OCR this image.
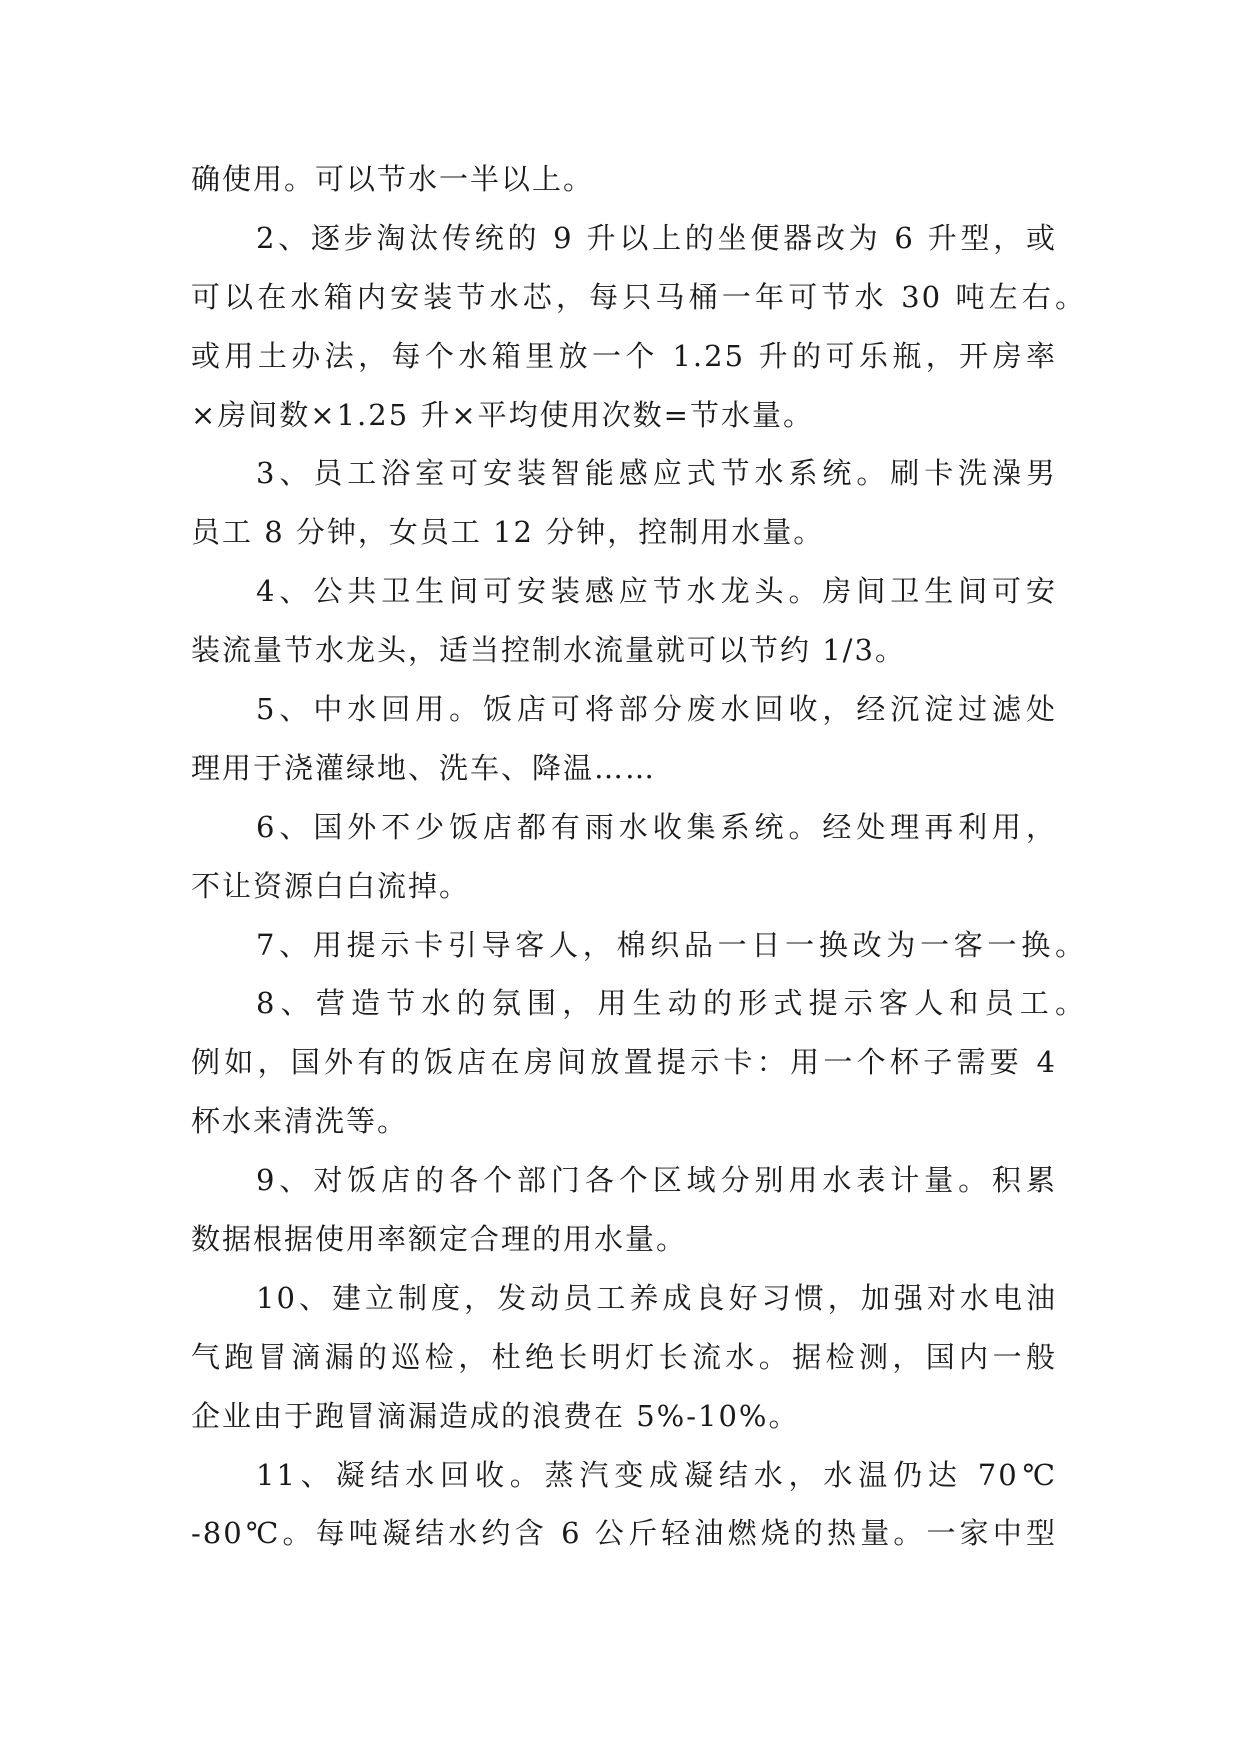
确使用。可以节水一半以上。
2、逐步淘汰传统的 9 升以上的坐便器改为 6 升型，或
可以在水箱内安装节水芯，每只马桶一年可节水 30 吨左右。
或用土办法，每个水箱里放一个 1.25 升的可乐瓶，开房率
×房间数×1.25 升×平均使用次数=节水量。
3、员工浴室可安装智能感应式节水系统。刷卡洗澡男
员工 8 分钟，女员工 12 分钟，控制用水量。
4、公共卫生间可安装感应节水龙头。房间卫生间可安
装流量节水龙头，适当控制水流量就可以节约 1/3。
5、中水回用。饭店可将部分废水回收，经沉淀过滤处
理用于浇灌绿地、洗车、降温……
6、国外不少饭店都有雨水收集系统。经处理再利用，
不让资源白白流掉。
7、用提示卡引导客人，棉织品一日一换改为一客一换。
8、营造节水的氛围，用生动的形式提示客人和员工。
例如，国外有的饭店在房间放置提示卡：用一个杯子需要 4
杯水来清洗等。
9、对饭店的各个部门各个区域分别用水表计量。积累
数据根据使用率额定合理的用水量。
10、建立制度，发动员工养成良好习惯，加强对水电油
气跑冒滴漏的巡检，杜绝长明灯长流水。据检测，国内一般
企业由于跑冒滴漏造成的浪费在 5%-10%。
11、凝结水回收。蒸汽变成凝结水，水温仍达 70℃
-80℃。每吨凝结水约含 6 公斤轻油燃烧的热量。一家中型
